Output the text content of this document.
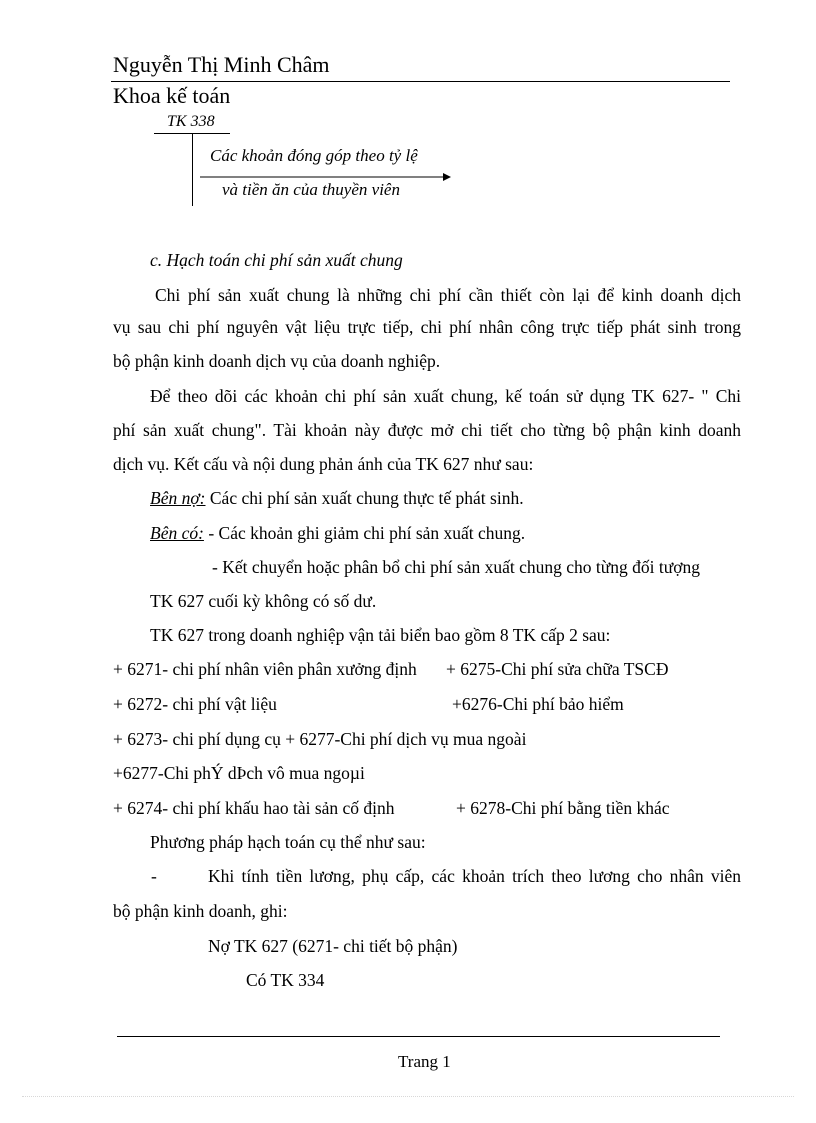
Nguyễn Thị Minh Châm
Khoa kế toán
TK 338
Các khoản đóng góp theo tỷ lệ
và tiền ăn của thuyền viên
c. Hạch toán chi phí sản xuất chung
Chi phí sản xuất chung là những chi phí cần thiết còn lại để kinh doanh dịch
vụ sau chi phí nguyên vật liệu trực tiếp, chi phí nhân công trực tiếp phát sinh trong
bộ phận kinh doanh dịch vụ của doanh nghiệp.
Để theo dõi các khoản chi phí sản xuất chung, kế toán sử dụng TK 627- " Chi
phí sản xuất chung". Tài khoản này được mở chi tiết cho từng bộ phận kinh doanh
dịch vụ. Kết cấu và nội dung phản ánh của TK 627 như sau:
Bên nợ: Các chi phí sản xuất chung thực tế phát sinh.
Bên có: - Các khoản ghi giảm chi phí sản xuất chung.
- Kết chuyển hoặc phân bổ chi phí sản xuất chung cho từng đối tượng
TK 627 cuối kỳ không có số dư.
TK 627 trong doanh nghiệp vận tải biển bao gồm 8 TK cấp 2 sau:
+ 6271- chi phí nhân viên phân xưởng định + 6275-Chi phí sửa chữa TSCĐ
+ 6272- chi phí vật liệu	+6276-Chi phí bảo hiểm
+ 6273- chi phí dụng cụ + 6277-Chi phí dịch vụ mua ngoài
+6277-Chi phÝ dÞch vô mua ngoµi
+ 6274- chi phí khấu hao tài sản cố định	+ 6278-Chi phí bằng tiền khác
Phương pháp hạch toán cụ thể như sau:
-	Khi tính tiền lương, phụ cấp, các khoản trích theo lương cho nhân viên
bộ phận kinh doanh, ghi:
Nợ TK 627 (6271- chi tiết bộ phận)
Có TK 334
Trang 1
